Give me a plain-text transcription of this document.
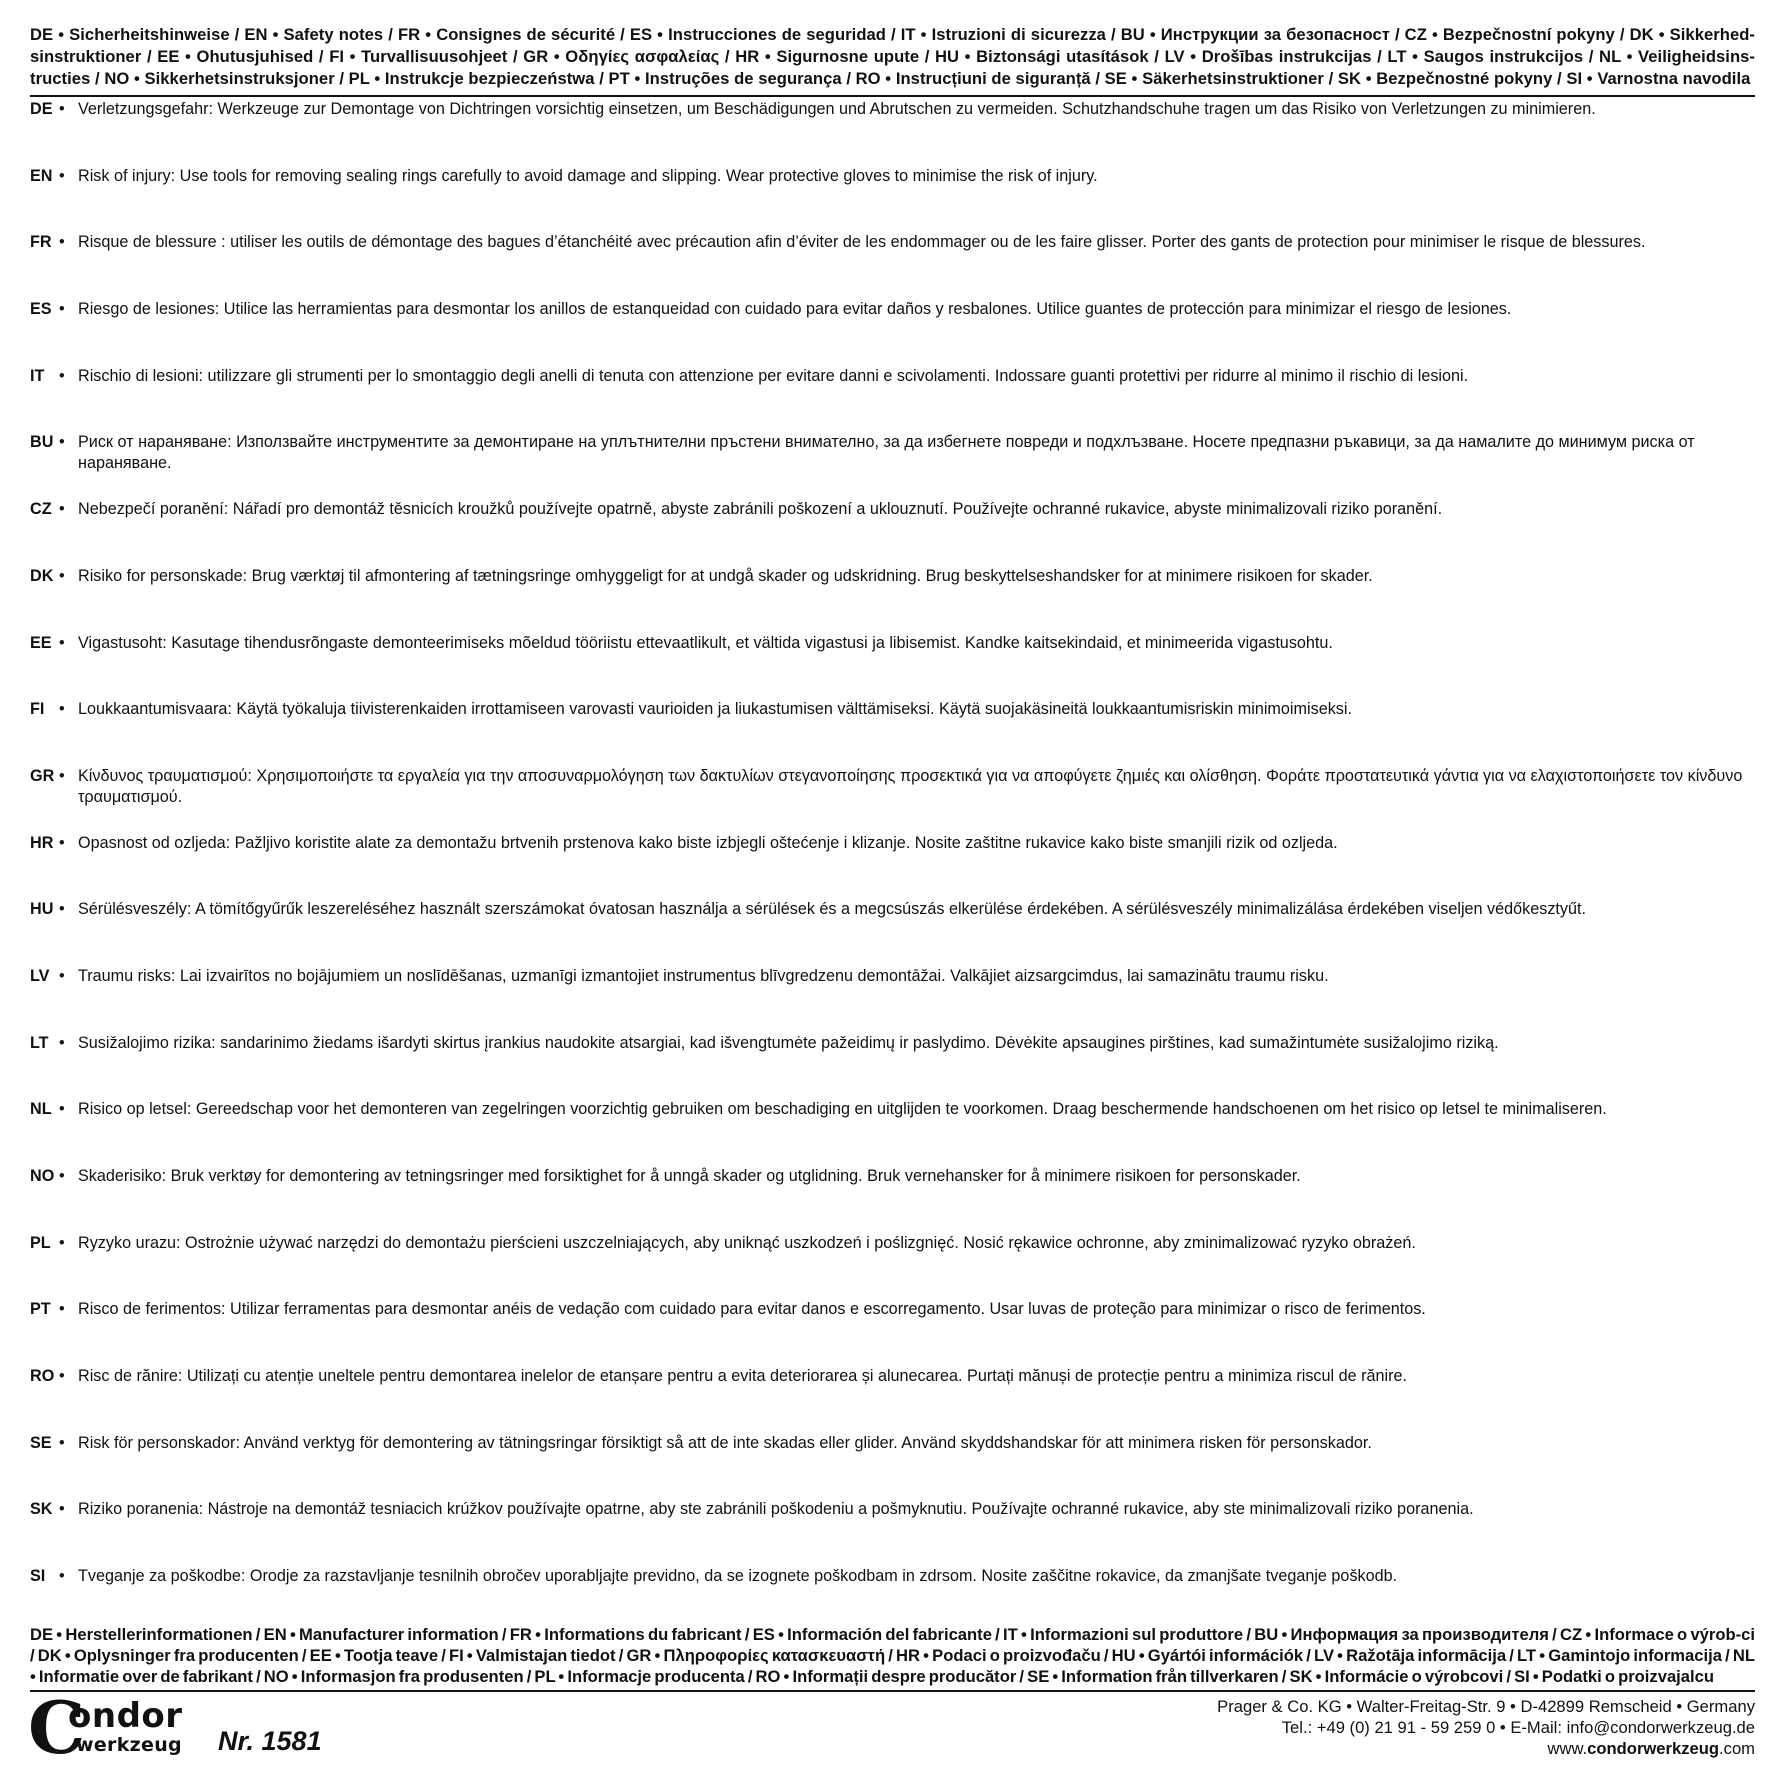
DE • Sicherheitshinweise / EN • Safety notes / FR • Consignes de sécurité / ES • Instrucciones de seguridad / IT • Istruzioni di sicurezza / BU • Инструкции за безопасност / CZ • Bezpečnostní pokyny / DK • Sikkerhed-sinstruktioner / EE • Ohutusjuhised / FI • Turvallisuusohjeet / GR • Οδηγίες ασφαλείας / HR • Sigurnosne upute / HU • Biztonsági utasítások / LV • Drošības instrukcijas / LT • Saugos instrukcijos / NL • Veiligheidsins-tructies / NO • Sikkerhetsinstruksjoner / PL • Instrukcje bezpieczeństwa / PT • Instruções de segurança / RO • Instrucțiuni de siguranță / SE • Säkerhetsinstruktioner / SK • Bezpečnostné pokyny / SI • Varnostna navodila
DE • Verletzungsgefahr: Werkzeuge zur Demontage von Dichtringen vorsichtig einsetzen, um Beschädigungen und Abrutschen zu vermeiden. Schutzhandschuhe tragen um das Risiko von Verletzungen zu minimieren.
EN • Risk of injury: Use tools for removing sealing rings carefully to avoid damage and slipping. Wear protective gloves to minimise the risk of injury.
FR • Risque de blessure : utiliser les outils de démontage des bagues d’étanchéité avec précaution afin d’éviter de les endommager ou de les faire glisser. Porter des gants de protection pour minimiser le risque de blessures.
ES • Riesgo de lesiones: Utilice las herramientas para desmontar los anillos de estanqueidad con cuidado para evitar daños y resbalones. Utilice guantes de protección para minimizar el riesgo de lesiones.
IT • Rischio di lesioni: utilizzare gli strumenti per lo smontaggio degli anelli di tenuta con attenzione per evitare danni e scivolamenti. Indossare guanti protettivi per ridurre al minimo il rischio di lesioni.
BU • Риск от нараняване: Използвайте инструментите за демонтиране на уплътнителни пръстени внимателно, за да избегнете повреди и подхлъзване. Носете предпазни ръкавици, за да намалите до минимум риска от нараняване.
CZ • Nebezpečí poranění: Nářadí pro demontáž těsnicích kroužků používejte opatrně, abyste zabránili poškození a uklouznutí. Používejte ochranné rukavice, abyste minimalizovali riziko poranění.
DK • Risiko for personskade: Brug værktøj til afmontering af tætningsringe omhyggeligt for at undgå skader og udskridning. Brug beskyttelseshandsker for at minimere risikoen for skader.
EE • Vigastusoht: Kasutage tihendusrõngaste demonteerimiseks mõeldud tööriistu ettevaatlikult, et vältida vigastusi ja libisemist. Kandke kaitsekindaid, et minimeerida vigastusohtu.
FI • Loukkaantumisvaara: Käytä työkaluja tiivisterenkaiden irrottamiseen varovasti vaurioiden ja liukastumisen välttämiseksi. Käytä suojakäsineitä loukkaantumisriskin minimoimiseksi.
GR • Κίνδυνος τραυματισμού: Χρησιμοποιήστε τα εργαλεία για την αποσυναρμολόγηση των δακτυλίων στεγανοποίησης προσεκτικά για να αποφύγετε ζημιές και ολίσθηση. Φοράτε προστατευτικά γάντια για να ελαχιστοποιήσετε τον κίνδυνο τραυματισμού.
HR • Opasnost od ozljeda: Pažljivo koristite alate za demontažu brtvenih prstenova kako biste izbjegli oštećenje i klizanje. Nosite zaštitne rukavice kako biste smanjili rizik od ozljeda.
HU • Sérülésveszély: A tömítőgyűrűk leszereléséhez használt szerszámokat óvatosan használja a sérülések és a megcsúszás elkerülése érdekében. A sérülésveszély minimalizálása érdekében viseljen védőkesztyűt.
LV • Traumu risks: Lai izvairītos no bojājumiem un noslīdēšanas, uzmanīgi izmantojiet instrumentus blīvgredzenu demontāžai. Valkājiet aizsargcimdus, lai samazinātu traumu risku.
LT • Susižalojimo rizika: sandarinimo žiedams išardyti skirtus įrankius naudokite atsargiai, kad išvengtumėte pažeidimų ir paslydimo. Dėvėkite apsaugines pirštines, kad sumažintumėte susižalojimo riziką.
NL • Risico op letsel: Gereedschap voor het demonteren van zegelringen voorzichtig gebruiken om beschadiging en uitglijden te voorkomen. Draag beschermende handschoenen om het risico op letsel te minimaliseren.
NO • Skaderisiko: Bruk verktøy for demontering av tetningsringer med forsiktighet for å unngå skader og utglidning. Bruk vernehansker for å minimere risikoen for personskader.
PL • Ryzyko urazu: Ostrożnie używać narzędzi do demontażu pierścieni uszczelniających, aby uniknąć uszkodzeń i poślizgnięć. Nosić rękawice ochronne, aby zminimalizować ryzyko obrażeń.
PT • Risco de ferimentos: Utilizar ferramentas para desmontar anéis de vedação com cuidado para evitar danos e escorregamento. Usar luvas de proteção para minimizar o risco de ferimentos.
RO • Risc de rănire: Utilizați cu atenție uneltele pentru demontarea inelelor de etanșare pentru a evita deteriorarea și alunecarea. Purtați mănuși de protecție pentru a minimiza riscul de rănire.
SE • Risk för personskador: Använd verktyg för demontering av tätningsringar försiktigt så att de inte skadas eller glider. Använd skyddshandskar för att minimera risken för personskador.
SK • Riziko poranenia: Nástroje na demontáž tesniacich krúžkov používajte opatrne, aby ste zabránili poškodeniu a pošmyknutiu. Používajte ochranné rukavice, aby ste minimalizovali riziko poranenia.
SI • Tveganje za poškodbe: Orodje za razstavljanje tesnilnih obročev uporabljajte previdno, da se izognete poškodbam in zdrsom. Nosite zaščitne rokavice, da zmanjšate tveganje poškodb.
DE • Herstellerinformationen / EN • Manufacturer information / FR • Informations du fabricant / ES • Información del fabricante / IT • Informazioni sul produttore / BU • Информация за производителя / CZ • Informace o výrob-ci / DK • Oplysninger fra producenten / EE • Tootja teave / FI • Valmistajan tiedot / GR • Πληροφορίες κατασκευαστή / HR • Podaci o proizvođaču / HU • Gyártói információk / LV • Ražotāja informācija / LT • Gamintojo informacija / NL • Informatie over de fabrikant / NO • Informasjon fra produsenten / PL • Informacje producenta / RO • Informații despre producător / SE • Information från tillverkaren / SK • Informácie o výrobcovi / SI • Podatki o proizvajalcu
C
ondor
werkzeug Nr. 1581
Prager & Co. KG • Walter-Freitag-Str. 9 • D-42899 Remscheid • Germany
Tel.: +49 (0) 21 91 - 59 259 0 • E-Mail: info@condorwerkzeug.de
www.condorwerkzeug.com
